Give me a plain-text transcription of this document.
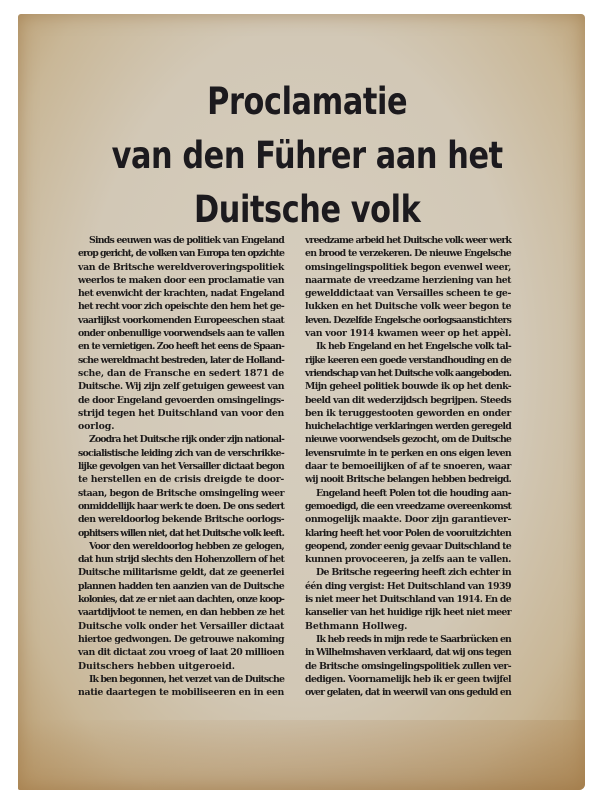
Proclamatie
van den Führer aan het
Duitsche volk
Sinds eeuwen was de politiek van Engeland
erop gericht, de volken van Europa ten opzichte
van de Britsche wereldveroveringspolitiek
weerlos te maken door een proclamatie van
het evenwicht der krachten, nadat Engeland
het recht voor zich opeischte den hem het ge-
vaarlijkst voorkomenden Europeeschen staat
onder onbenullige voorwendsels aan te vallen
en te vernietigen. Zoo heeft het eens de Spaan-
sche wereldmacht bestreden, later de Holland-
sche, dan de Fransche en sedert 1871 de
Duitsche. Wij zijn zelf getuigen geweest van
de door Engeland gevoerden omsingelings-
strijd tegen het Duitschland van voor den
oorlog.
Zoodra het Duitsche rijk onder zijn national-
socialistische leiding zich van de verschrikke-
lijke gevolgen van het Versailler dictaat begon
te herstellen en de crisis dreigde te door-
staan, begon de Britsche omsingeling weer
onmiddellijk haar werk te doen. De ons sedert
den wereldoorlog bekende Britsche oorlogs-
ophitsers willen niet, dat het Duitsche volk leeft.
Voor den wereldoorlog hebben ze gelogen,
dat hun strijd slechts den Hohenzollern of het
Duitsche militarisme geldt, dat ze geenerlei
plannen hadden ten aanzien van de Duitsche
kolonies, dat ze er niet aan dachten, onze koop-
vaartdijvloot te nemen, en dan hebben ze het
Duitsche volk onder het Versailler dictaat
hiertoe gedwongen. De getrouwe nakoming
van dit dictaat zou vroeg of laat 20 millioen
Duitschers hebben uitgeroeid.
Ik ben begonnen, het verzet van de Duitsche
natie daartegen te mobiliseeren en in een
vreedzame arbeid het Duitsche volk weer werk
en brood te verzekeren. De nieuwe Engelsche
omsingelingspolitiek begon evenwel weer,
naarmate de vreedzame herziening van het
gewelddictaat van Versailles scheen te ge-
lukken en het Duitsche volk weer begon te
leven. Dezelfde Engelsche oorlogsaanstichters
van voor 1914 kwamen weer op het appèl.
Ik heb Engeland en het Engelsche volk tal-
rijke keeren een goede verstandhouding en de
vriendschap van het Duitsche volk aangeboden.
Mijn geheel politiek bouwde ik op het denk-
beeld van dit wederzijdsch begrijpen. Steeds
ben ik teruggestooten geworden en onder
huichelachtige verklaringen werden geregeld
nieuwe voorwendsels gezocht, om de Duitsche
levensruimte in te perken en ons eigen leven
daar te bemoeilijken of af te snoeren, waar
wij nooit Britsche belangen hebben bedreigd.
Engeland heeft Polen tot die houding aan-
gemoedigd, die een vreedzame overeenkomst
onmogelijk maakte. Door zijn garantiever-
klaring heeft het voor Polen de vooruitzichten
geopend, zonder eenig gevaar Duitschland te
kunnen provoceeren, ja zelfs aan te vallen.
De Britsche regeering heeft zich echter in
één ding vergist: Het Duitschland van 1939
is niet meer het Duitschland van 1914. En de
kanselier van het huidige rijk heet niet meer
Bethmann Hollweg.
Ik heb reeds in mijn rede te Saarbrücken en
in Wilhelmshaven verklaard, dat wij ons tegen
de Britsche omsingelingspolitiek zullen ver-
dedigen. Voornamelijk heb ik er geen twijfel
over gelaten, dat in weerwil van ons geduld en
